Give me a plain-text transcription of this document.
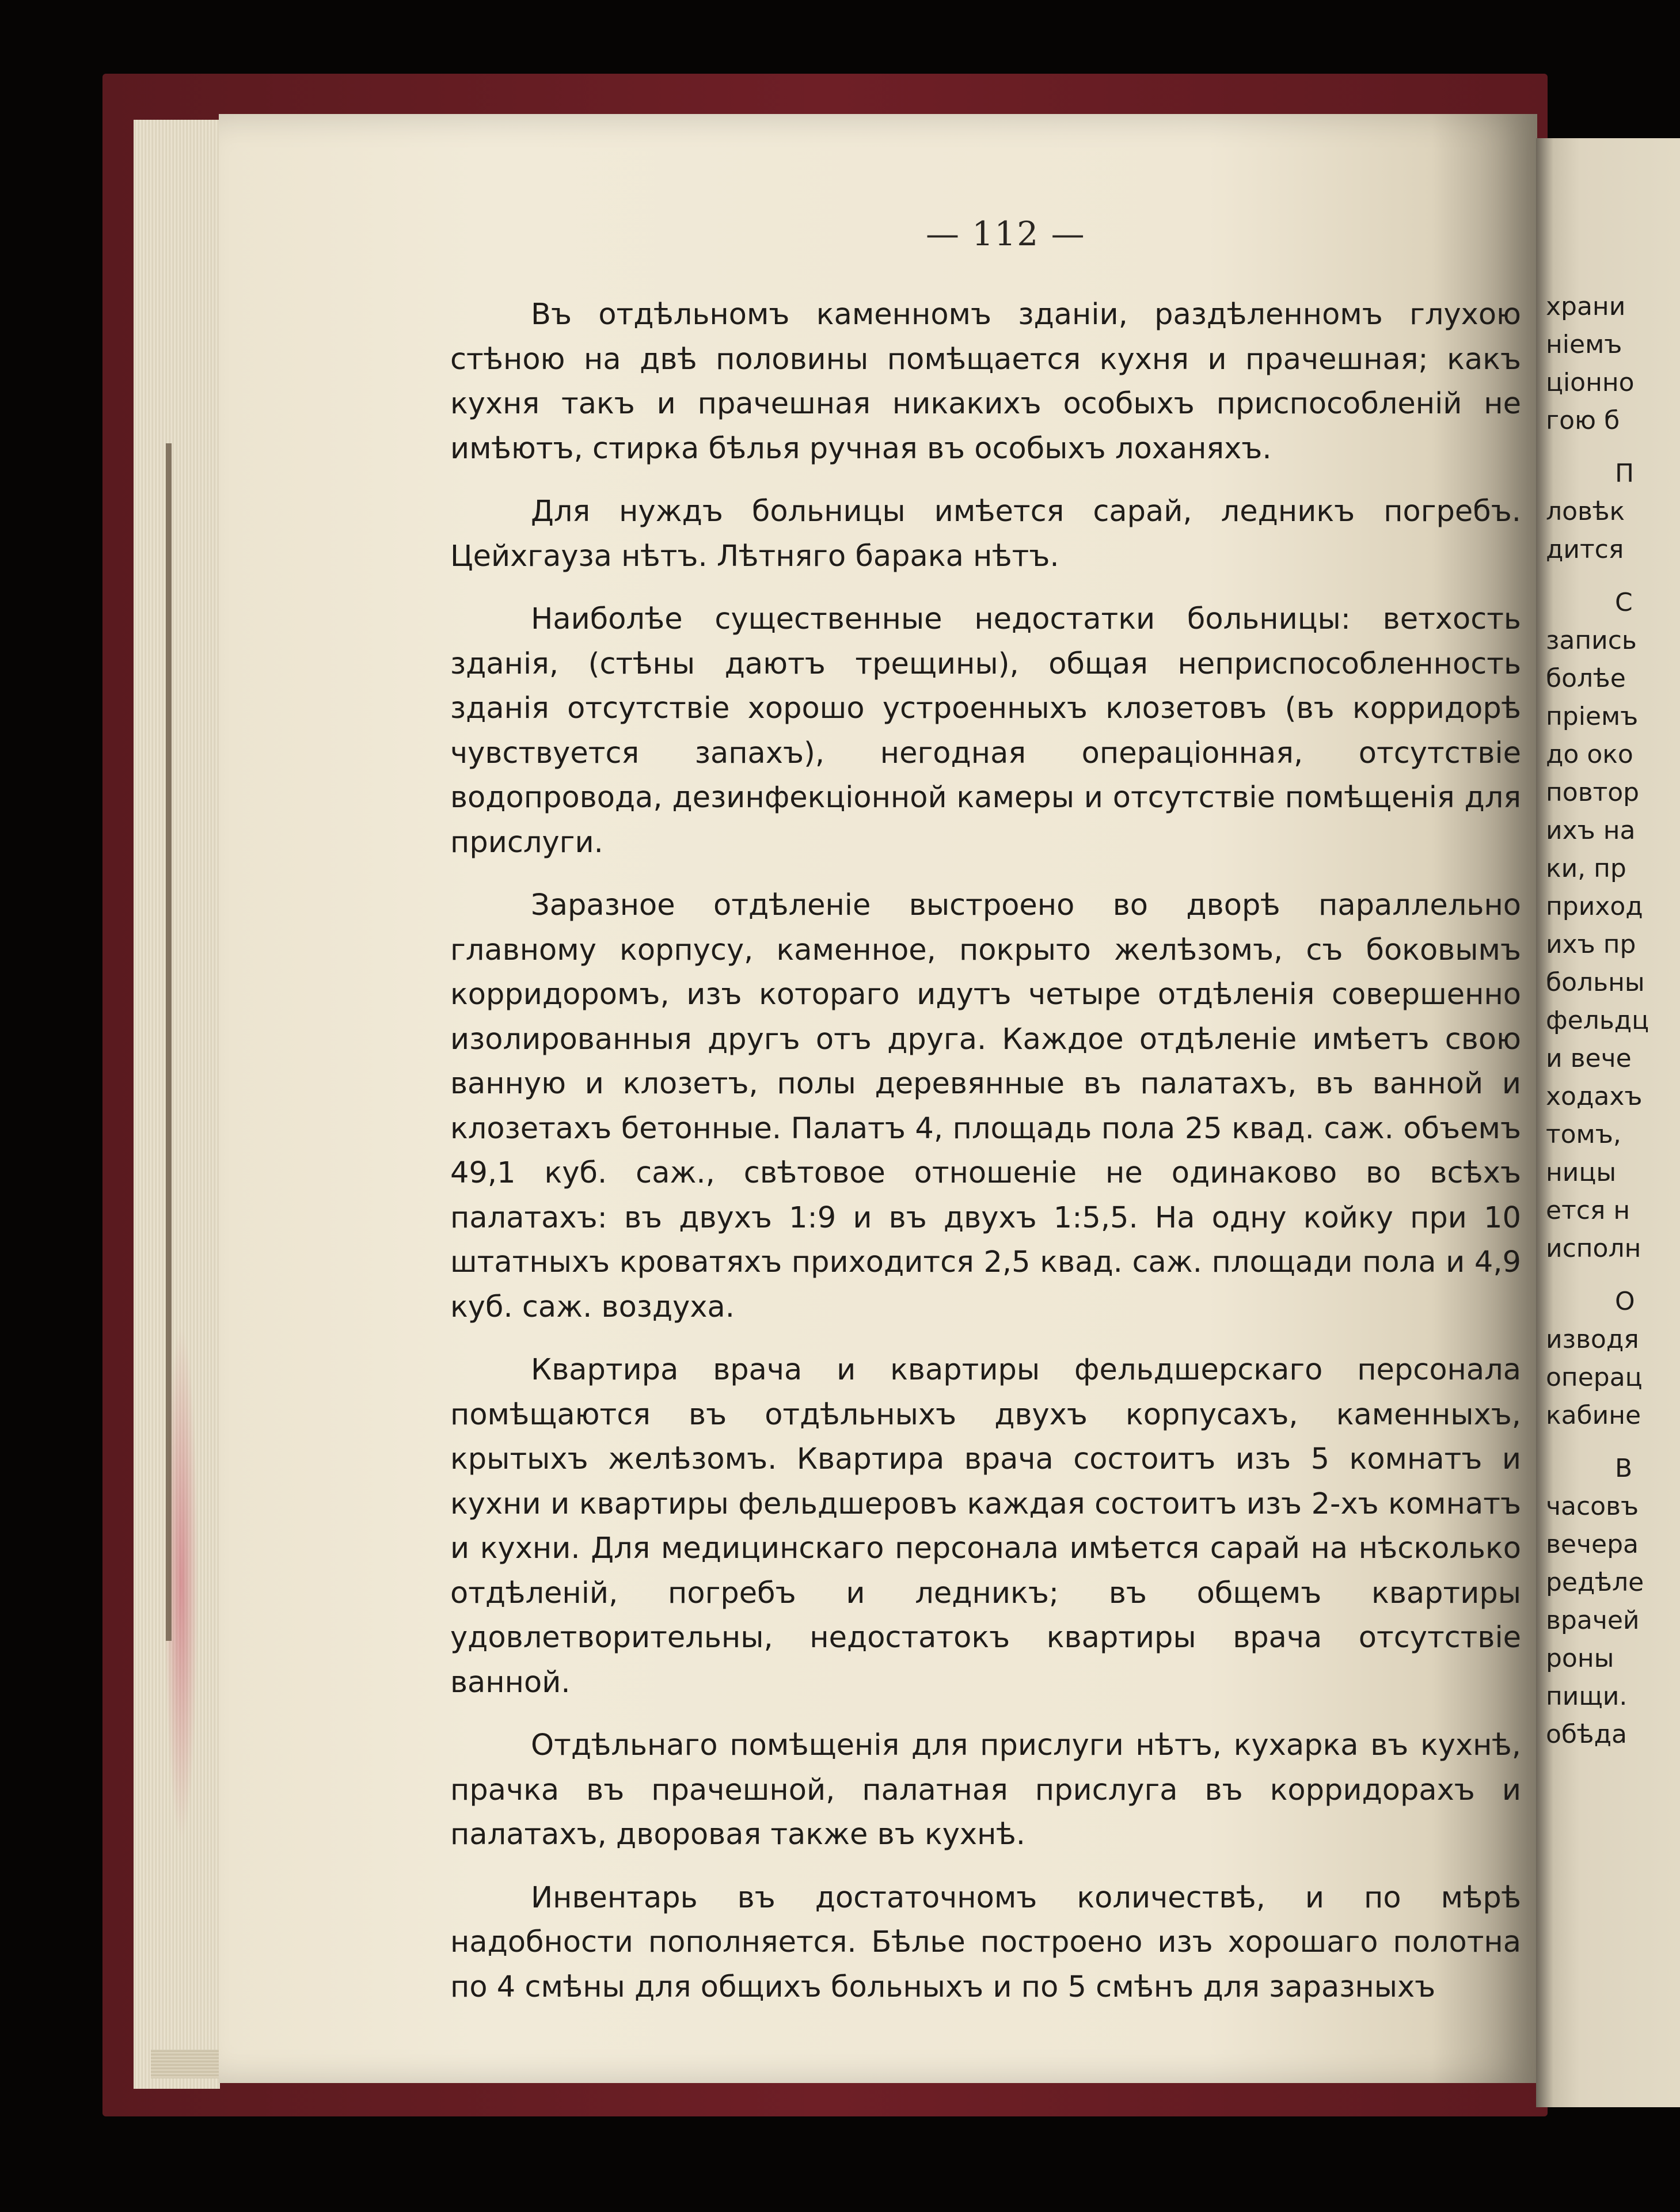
— 112 —

Въ отдѣльномъ каменномъ зданіи, раздѣленномъ глухою стѣною на двѣ половины помѣщается кухня и прачешная; какъ кухня такъ и прачешная никакихъ особыхъ приспособленій не имѣютъ, стирка бѣлья ручная въ особыхъ лоханяхъ.

Для нуждъ больницы имѣется сарай, ледникъ погребъ. Цейхгауза нѣтъ. Лѣтняго барака нѣтъ.

Наиболѣе существенные недостатки больницы: ветхость зданія, (стѣны даютъ трещины), общая неприспособленность зданія отсутствіе хорошо устроенныхъ клозетовъ (въ корридорѣ чувствуется запахъ), негодная операціонная, отсутствіе водопровода, дезинфекціонной камеры и отсутствіе помѣщенія для прислуги.

Заразное отдѣленіе выстроено во дворѣ параллельно главному корпусу, каменное, покрыто желѣзомъ, съ боковымъ корридоромъ, изъ котораго идутъ четыре отдѣленія совершенно изолированныя другъ отъ друга. Каждое отдѣленіе имѣетъ свою ванную и клозетъ, полы деревянные въ палатахъ, въ ванной и клозетахъ бетонные. Палатъ 4, площадь пола 25 квад. саж. объемъ 49,1 куб. саж., свѣтовое отношеніе не одинаково во всѣхъ палатахъ: въ двухъ 1:9 и въ двухъ 1:5,5. На одну койку при 10 штатныхъ кроватяхъ приходится 2,5 квад. саж. площади пола и 4,9 куб. саж. воздуха.

Квартира врача и квартиры фельдшерскаго персонала помѣщаются въ отдѣльныхъ двухъ корпусахъ, каменныхъ, крытыхъ желѣзомъ. Квартира врача состоитъ изъ 5 комнатъ и кухни и квартиры фельдшеровъ каждая состоитъ изъ 2-хъ комнатъ и кухни. Для медицинскаго персонала имѣется сарай на нѣсколько отдѣленій, погребъ и ледникъ; въ общемъ квартиры удовлетворительны, недостатокъ квартиры врача отсутствіе ванной.

Отдѣльнаго помѣщенія для прислуги нѣтъ, кухарка въ кухнѣ, прачка въ прачешной, палатная прислуга въ корридорахъ и палатахъ, дворовая также въ кухнѣ.

Инвентарь въ достаточномъ количествѣ, и по мѣрѣ надобности пополняется. Бѣлье построено изъ хорошаго полотна по 4 смѣны для общихъ больныхъ и по 5 смѣнъ для заразныхъ

храни
ніемъ
ціонно
гою б
П
ловѣк
дится
С
запись
болѣе
пріемъ
до око
повтор
ихъ на
ки, пр
приход
ихъ пр
больны
фельдц
и вече
ходахъ
томъ,
ницы
ется н
исполн
О
изводя
операц
кабине
В
часовъ
вечера
редѣле
врачей
роны
пищи.
обѣда
